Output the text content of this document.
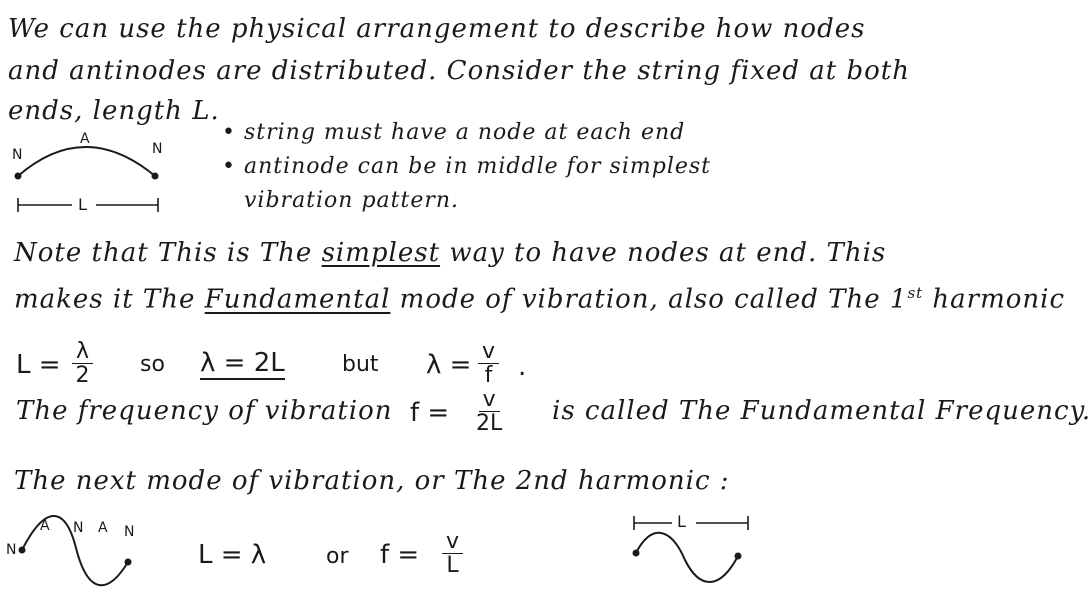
We can use the physical arrangement to describe how nodes
and antinodes are distributed. Consider the string fixed at both
ends, length L.
N
A
N
L
• string must have a node at each end
• antinode can be in middle for simplest
vibration pattern.
Note that This is The simplest way to have nodes at end. This
makes it The Fundamental mode of vibration, also called The 1st harmonic
$L = \frac{\lambda}{2}$ so λ = 2L	but $\lambda = \frac{v}{f}$ .
The frequency of vibration $f = \frac{v}{2L}$ is called The Fundamental Frequency.
The next mode of vibration, or The 2nd harmonic :
N
A N A N
L = λ	or $f = \frac{v}{L}$
L
